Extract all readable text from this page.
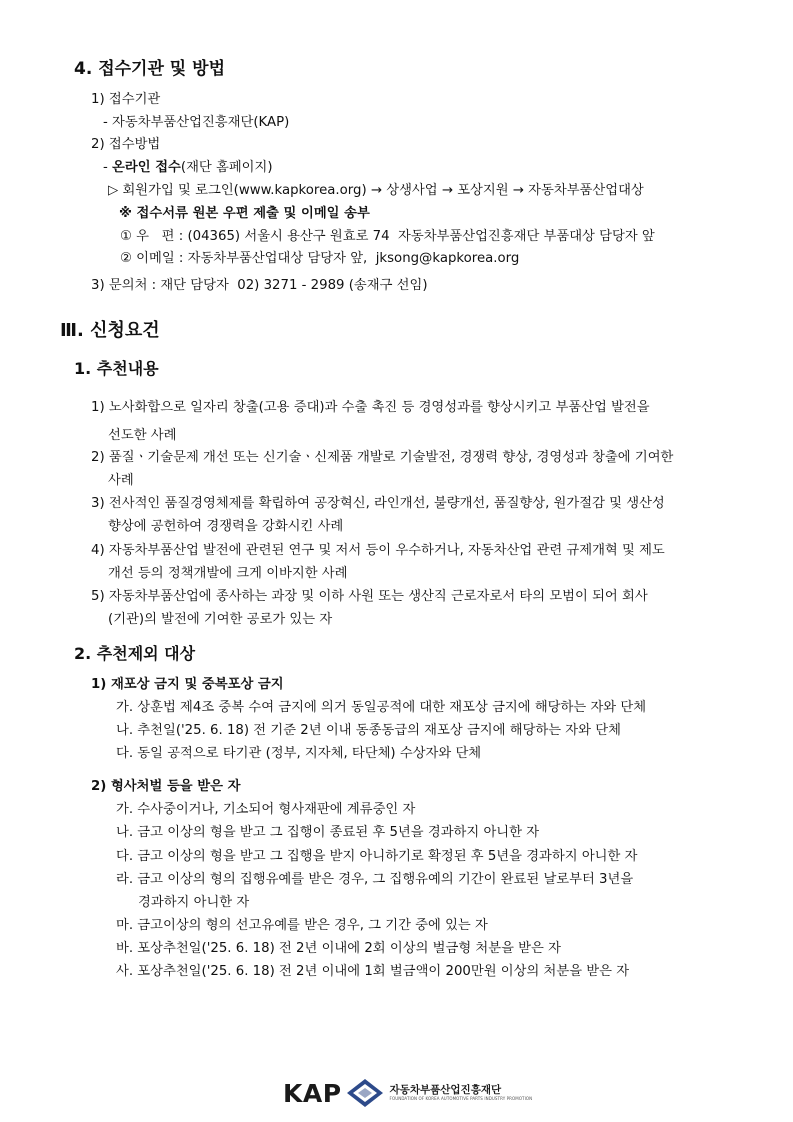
4. 접수기관 및 방법
1) 접수기관
- 자동차부품산업진흥재단(KAP)
2) 접수방법
- 온라인 접수(재단 홈페이지)
▷ 회원가입 및 로그인(www.kapkorea.org) → 상생사업 → 포상지원 → 자동차부품산업대상
※ 접수서류 원본 우편 제출 및 이메일 송부
① 우   편 : (04365) 서울시 용산구 원효로 74  자동차부품산업진흥재단 부품대상 담당자 앞
② 이메일 : 자동차부품산업대상 담당자 앞,  jksong@kapkorea.org
3) 문의처 : 재단 담당자  02) 3271 - 2989 (송재구 선임)
Ⅲ. 신청요건
1. 추천내용
1) 노사화합으로 일자리 창출(고용 증대)과 수출 촉진 등 경영성과를 향상시키고 부품산업 발전을
선도한 사례
2) 품질ㆍ기술문제 개선 또는 신기술ㆍ신제품 개발로 기술발전, 경쟁력 향상, 경영성과 창출에 기여한
사례
3) 전사적인 품질경영체제를 확립하여 공장혁신, 라인개선, 불량개선, 품질향상, 원가절감 및 생산성
향상에 공헌하여 경쟁력을 강화시킨 사례
4) 자동차부품산업 발전에 관련된 연구 및 저서 등이 우수하거나, 자동차산업 관련 규제개혁 및 제도
개선 등의 정책개발에 크게 이바지한 사례
5) 자동차부품산업에 종사하는 과장 및 이하 사원 또는 생산직 근로자로서 타의 모범이 되어 회사
(기관)의 발전에 기여한 공로가 있는 자
2. 추천제외 대상
1) 재포상 금지 및 중복포상 금지
가. 상훈법 제4조 중복 수여 금지에 의거 동일공적에 대한 재포상 금지에 해당하는 자와 단체
나. 추천일('25. 6. 18) 전 기준 2년 이내 동종동급의 재포상 금지에 해당하는 자와 단체
다. 동일 공적으로 타기관 (정부, 지자체, 타단체) 수상자와 단체
2) 형사처벌 등을 받은 자
가. 수사중이거나, 기소되어 형사재판에 계류중인 자
나. 금고 이상의 형을 받고 그 집행이 종료된 후 5년을 경과하지 아니한 자
다. 금고 이상의 형을 받고 그 집행을 받지 아니하기로 확정된 후 5년을 경과하지 아니한 자
라. 금고 이상의 형의 집행유예를 받은 경우, 그 집행유예의 기간이 완료된 날로부터 3년을
경과하지 아니한 자
마. 금고이상의 형의 선고유예를 받은 경우, 그 기간 중에 있는 자
바. 포상추천일('25. 6. 18) 전 2년 이내에 2회 이상의 벌금형 처분을 받은 자
사. 포상추천일('25. 6. 18) 전 2년 이내에 1회 벌금액이 200만원 이상의 처분을 받은 자
KAP	자동차부품산업진흥재단
FOUNDATION OF KOREA AUTOMOTIVE PARTS INDUSTRY PROMOTION
